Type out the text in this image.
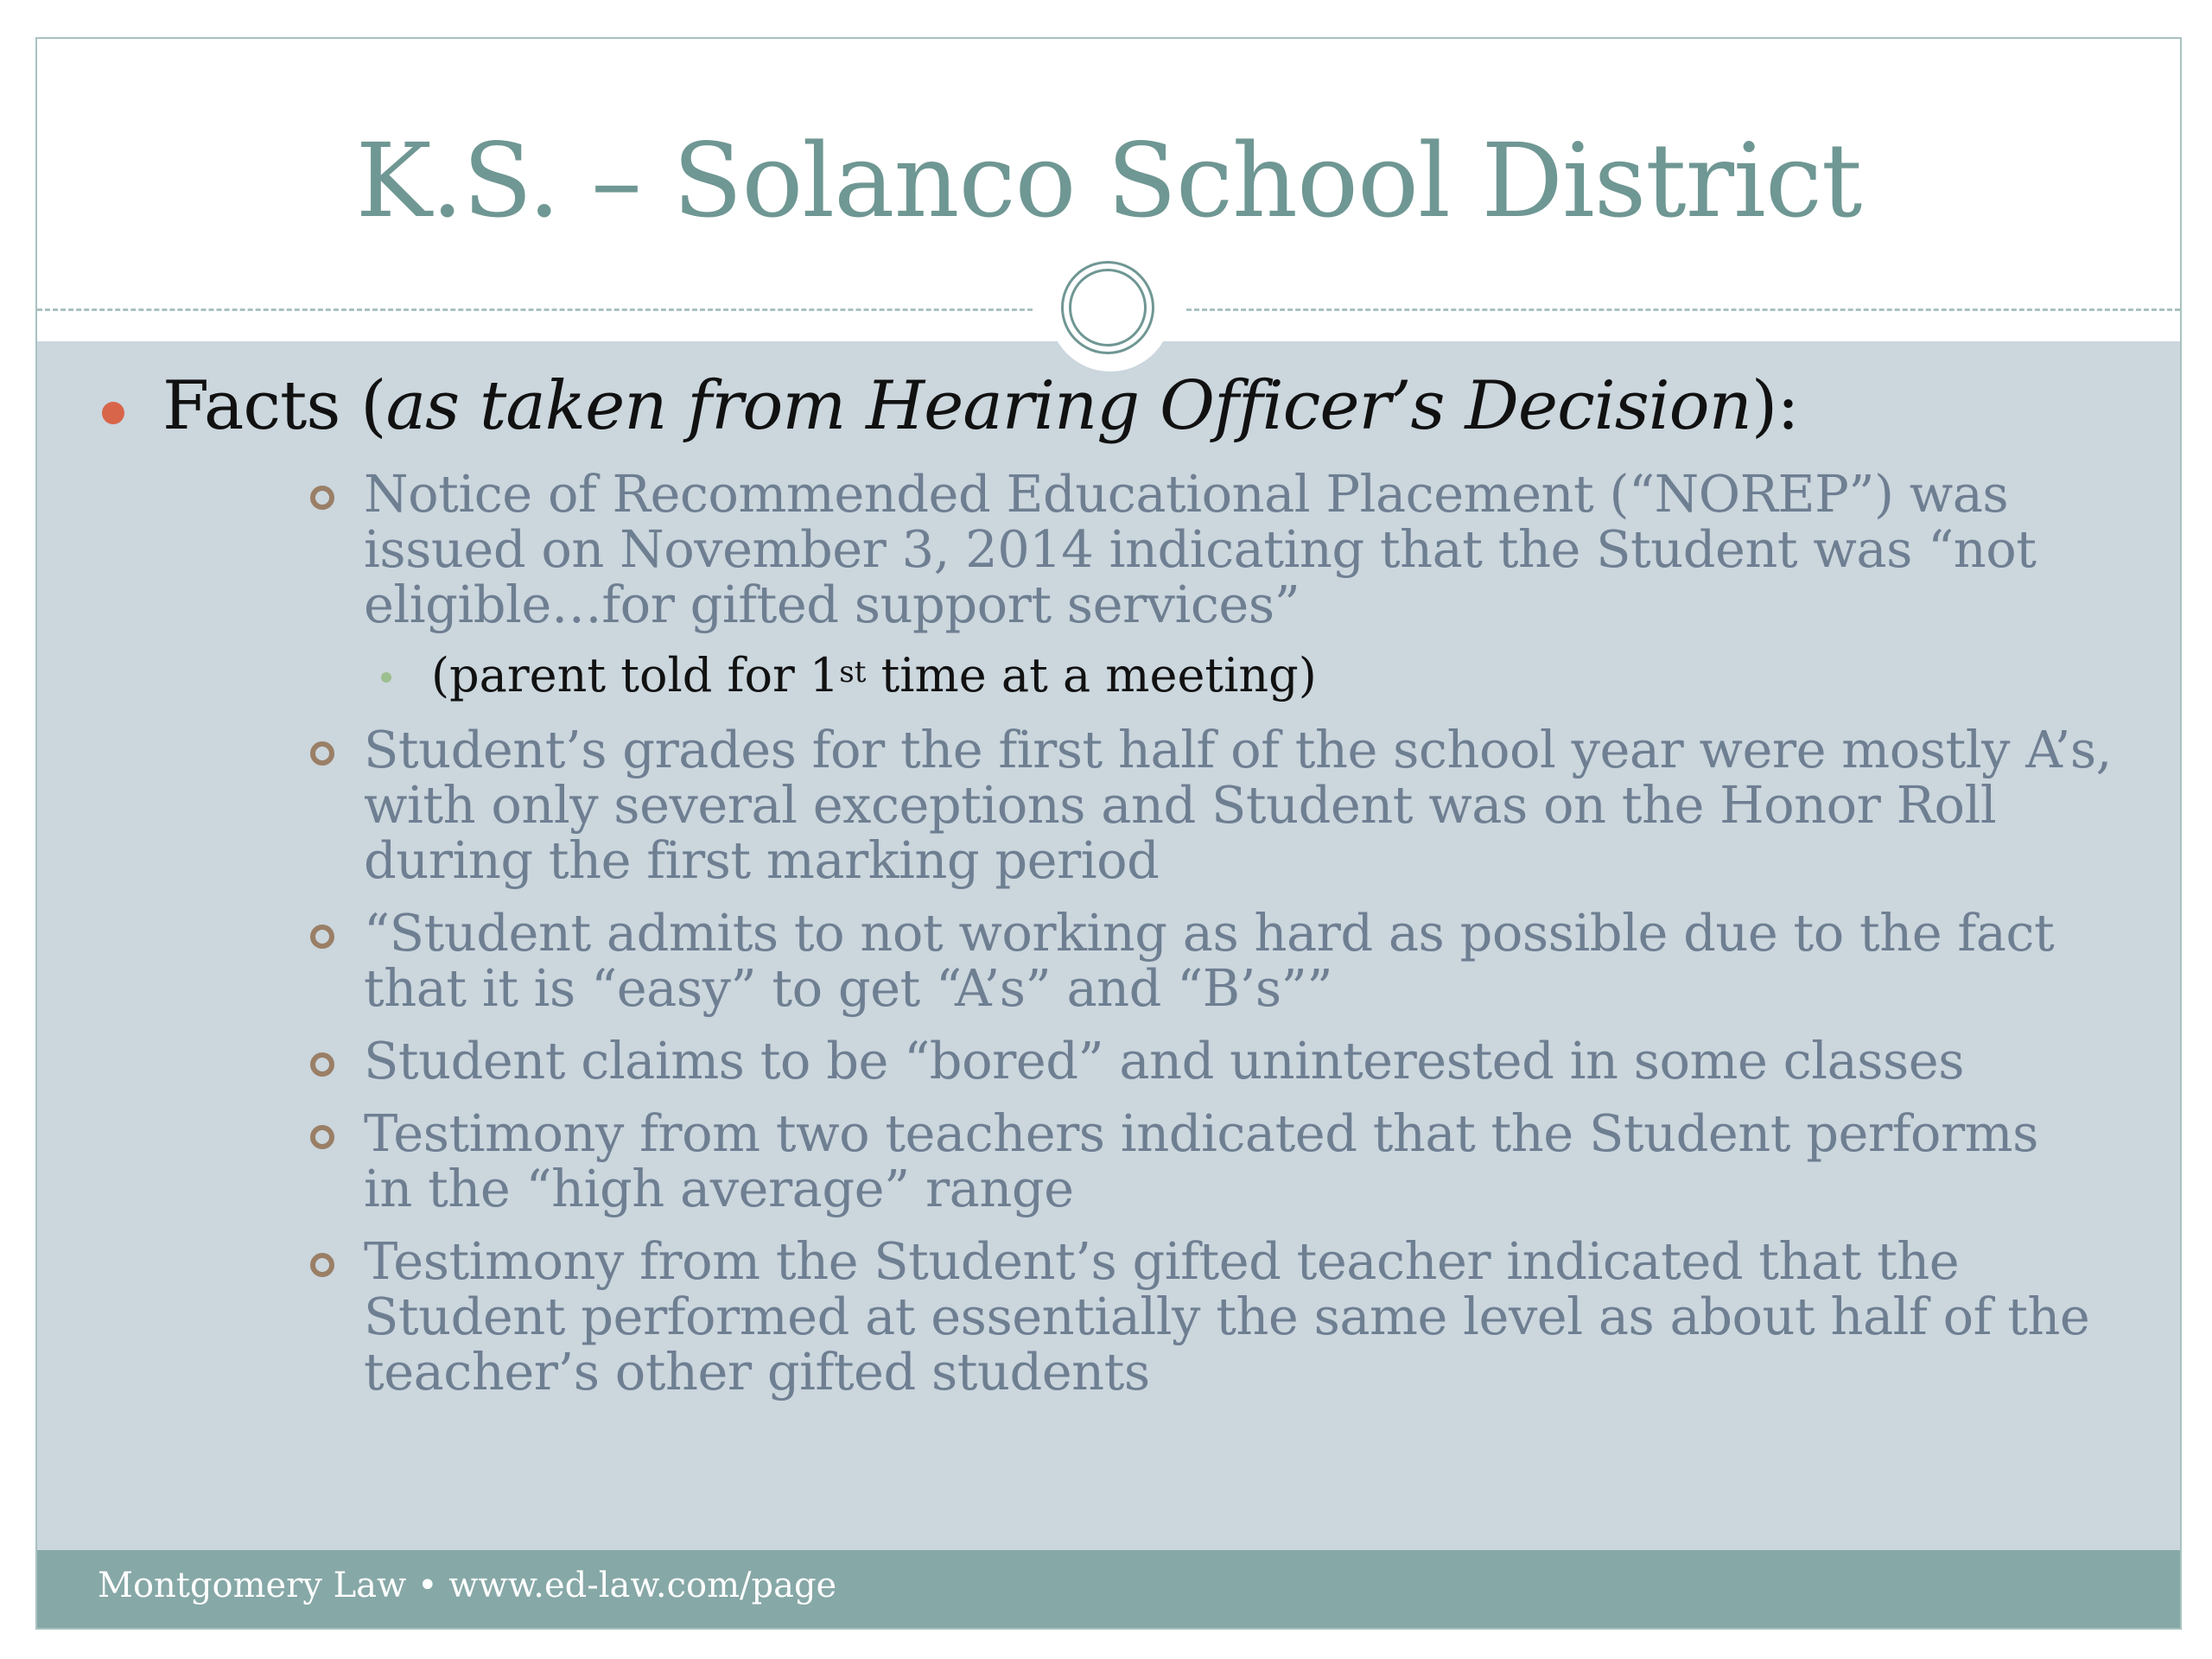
K.S. – Solanco School District
Facts (as taken from Hearing Officer’s Decision):
Notice of Recommended Educational Placement (“NOREP”) was
issued on November 3, 2014 indicating that the Student was “not
eligible…for gifted support services”
(parent told for 1st time at a meeting)
Student’s grades for the first half of the school year were mostly A’s,
with only several exceptions and Student was on the Honor Roll
during the first marking period
“Student admits to not working as hard as possible due to the fact
that it is “easy” to get “A’s” and “B’s””
Student claims to be “bored” and uninterested in some classes
Testimony from two teachers indicated that the Student performs
in the “high average” range
Testimony from the Student’s gifted teacher indicated that the
Student performed at essentially the same level as about half of the
teacher’s other gifted students
Montgomery Law • www.ed-law.com/page
